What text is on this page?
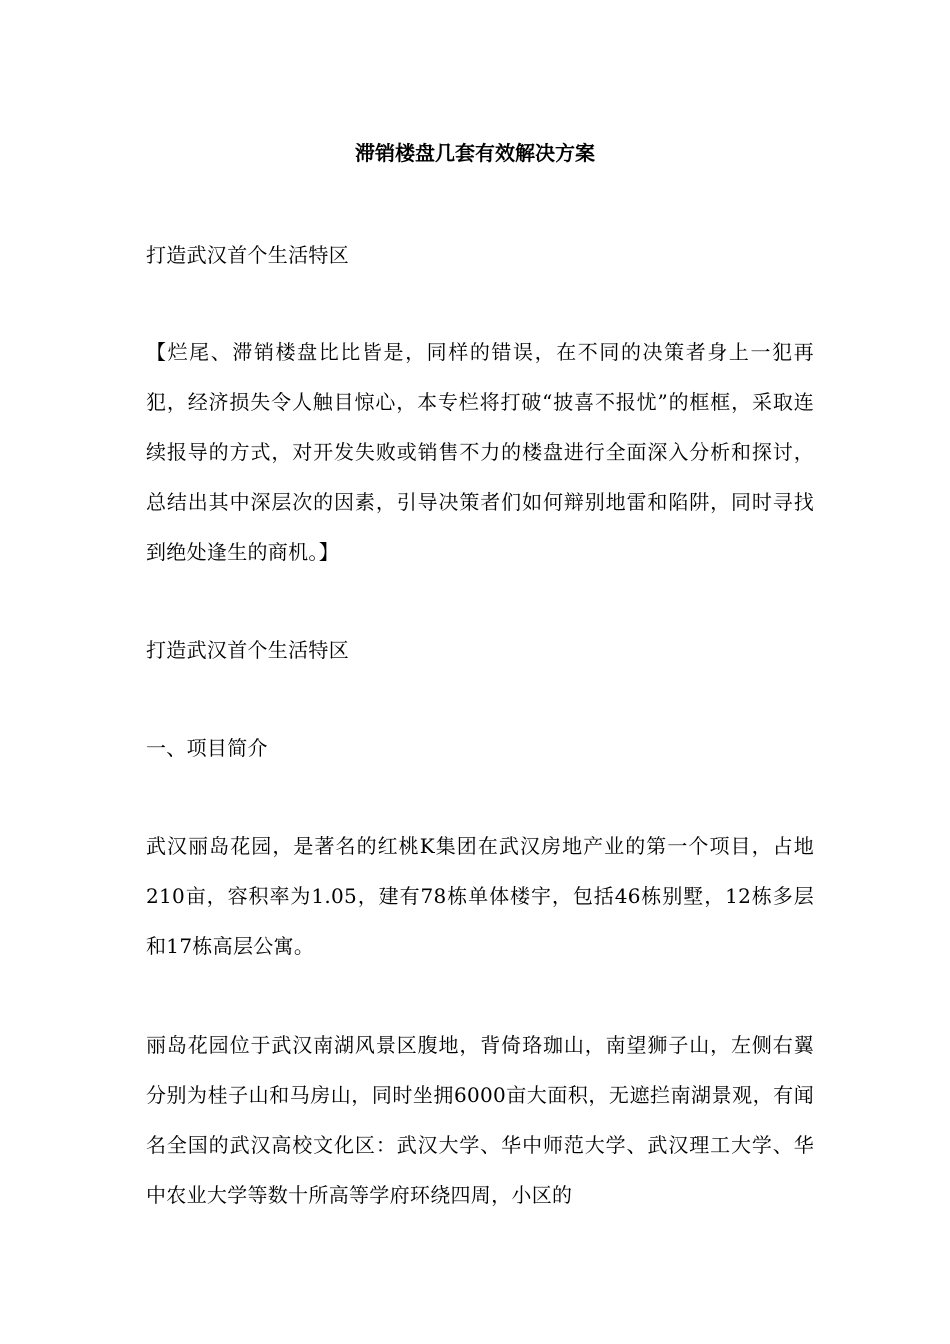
滞销楼盘几套有效解决方案

打造武汉首个生活特区

【烂尾、滞销楼盘比比皆是，同样的错误，在不同的决策者身上一犯再犯，经济损失令人触目惊心，本专栏将打破“披喜不报忧”的框框，采取连续报导的方式，对开发失败或销售不力的楼盘进行全面深入分析和探讨，总结出其中深层次的因素，引导决策者们如何辩别地雷和陷阱，同时寻找到绝处逢生的商机。】

打造武汉首个生活特区

一、项目简介

武汉丽岛花园，是著名的红桃K集团在武汉房地产业的第一个项目，占地210亩，容积率为1.05，建有78栋单体楼宇，包括46栋别墅，12栋多层和17栋高层公寓。

丽岛花园位于武汉南湖风景区腹地，背倚珞珈山，南望狮子山，左侧右翼分别为桂子山和马房山，同时坐拥6000亩大面积，无遮拦南湖景观，有闻名全国的武汉高校文化区：武汉大学、华中师范大学、武汉理工大学、华中农业大学等数十所高等学府环绕四周，小区的
